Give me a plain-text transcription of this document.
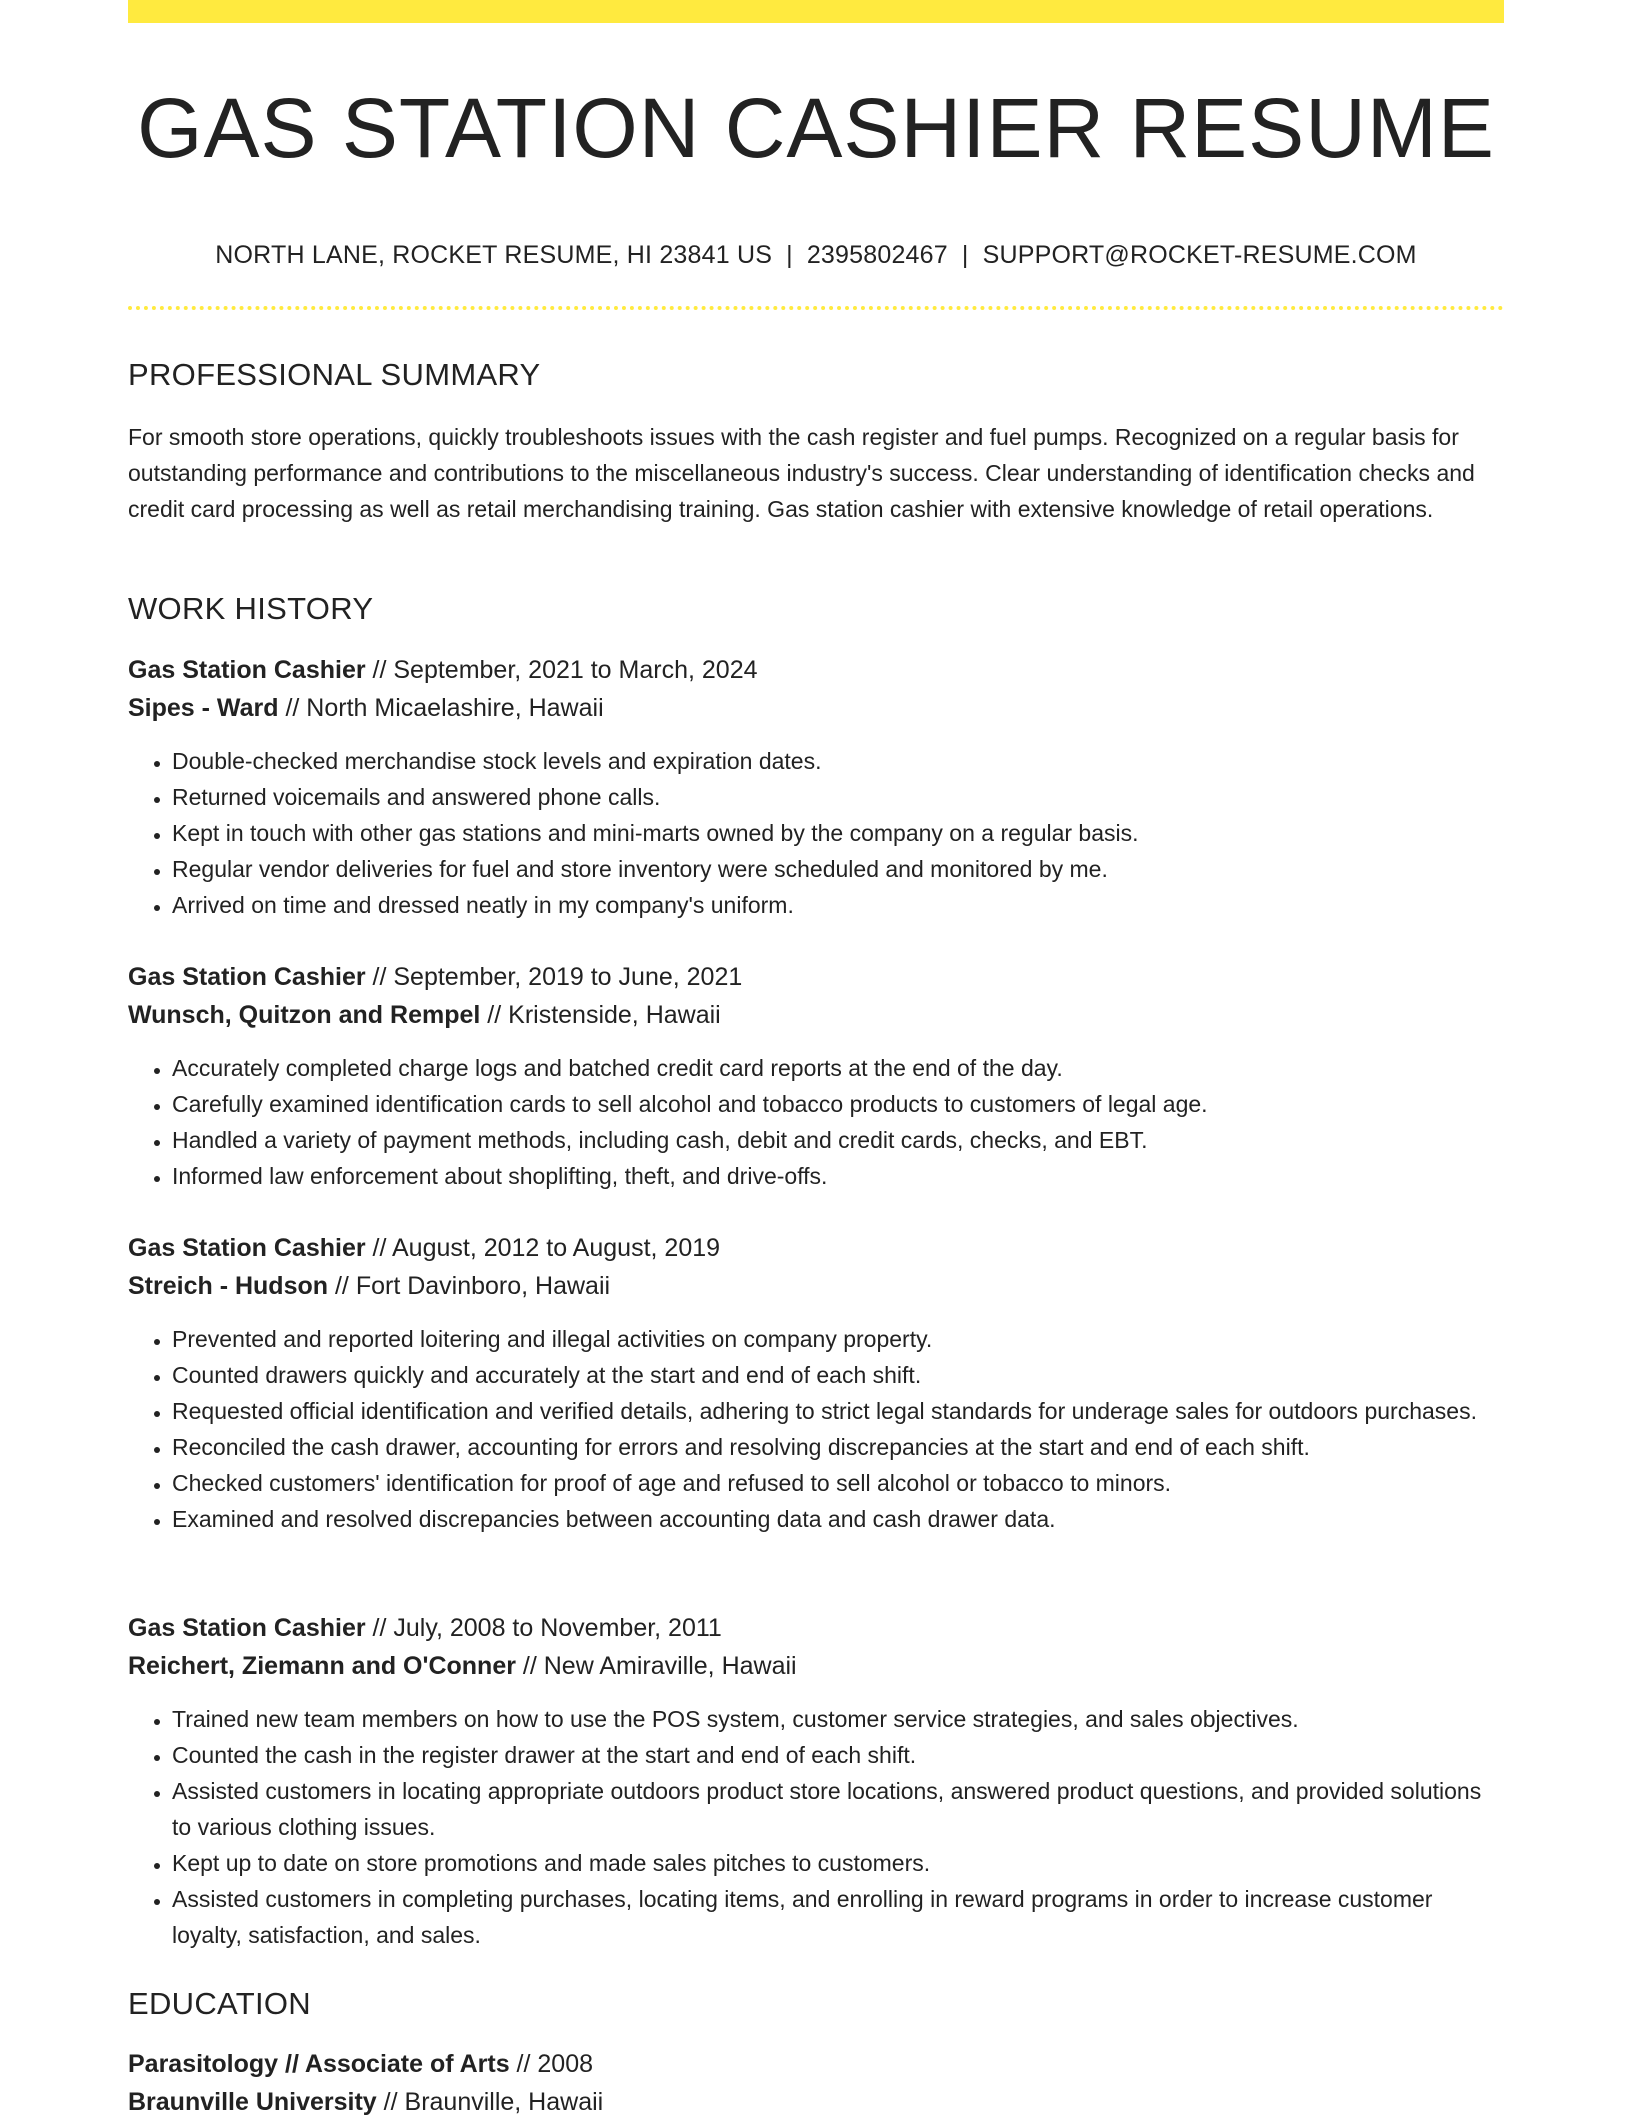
GAS STATION CASHIER RESUME
NORTH LANE, ROCKET RESUME, HI 23841 US | 2395802467 | SUPPORT@ROCKET-RESUME.COM
PROFESSIONAL SUMMARY

For smooth store operations, quickly troubleshoots issues with the cash register and fuel pumps. Recognized on a regular basis for outstanding performance and contributions to the miscellaneous industry's success. Clear understanding of identification checks and credit card processing as well as retail merchandising training. Gas station cashier with extensive knowledge of retail operations.

WORK HISTORY
Gas Station Cashier // September, 2021 to March, 2024
Sipes - Ward // North Micaelashire, Hawaii
• Double-checked merchandise stock levels and expiration dates.
• Returned voicemails and answered phone calls.
• Kept in touch with other gas stations and mini-marts owned by the company on a regular basis.
• Regular vendor deliveries for fuel and store inventory were scheduled and monitored by me.
• Arrived on time and dressed neatly in my company's uniform.
Gas Station Cashier // September, 2019 to June, 2021
Wunsch, Quitzon and Rempel // Kristenside, Hawaii
• Accurately completed charge logs and batched credit card reports at the end of the day.
• Carefully examined identification cards to sell alcohol and tobacco products to customers of legal age.
• Handled a variety of payment methods, including cash, debit and credit cards, checks, and EBT.
• Informed law enforcement about shoplifting, theft, and drive-offs.
Gas Station Cashier // August, 2012 to August, 2019
Streich - Hudson // Fort Davinboro, Hawaii
• Prevented and reported loitering and illegal activities on company property.
• Counted drawers quickly and accurately at the start and end of each shift.
• Requested official identification and verified details, adhering to strict legal standards for underage sales for outdoors purchases.
• Reconciled the cash drawer, accounting for errors and resolving discrepancies at the start and end of each shift.
• Checked customers' identification for proof of age and refused to sell alcohol or tobacco to minors.
• Examined and resolved discrepancies between accounting data and cash drawer data.
Gas Station Cashier // July, 2008 to November, 2011
Reichert, Ziemann and O'Conner // New Amiraville, Hawaii
• Trained new team members on how to use the POS system, customer service strategies, and sales objectives.
• Counted the cash in the register drawer at the start and end of each shift.
• Assisted customers in locating appropriate outdoors product store locations, answered product questions, and provided solutions to various clothing issues.
• Kept up to date on store promotions and made sales pitches to customers.
• Assisted customers in completing purchases, locating items, and enrolling in reward programs in order to increase customer loyalty, satisfaction, and sales.
EDUCATION
Parasitology // Associate of Arts // 2008
Braunville University // Braunville, Hawaii
